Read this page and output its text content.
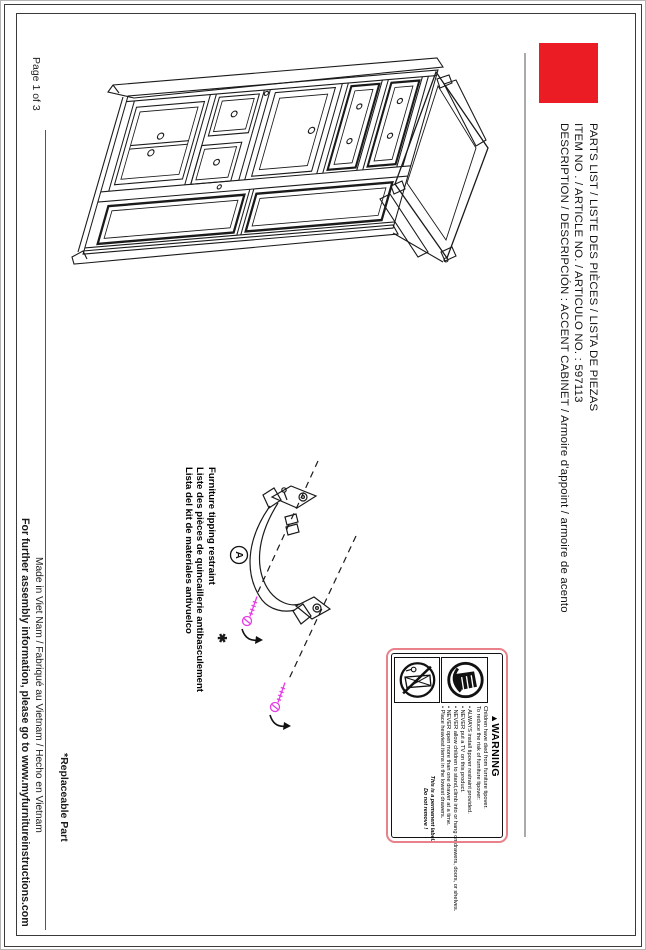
A
Page 1 of 3
PARTS LIST / LISTE DES PIÈCES / LISTA DE PIEZAS
ITEM NO . / ARTICLE NO. / ARTICULO NO. : 597113
DESCRIPTION / DESCRIPCIÓN : ACCENT CABINET / Armoire d'appoint / armoire de acento
Furniture tipping restraint
Liste des pièces de quincaillerie antibasculement
Lista del kit de materiales antivuelco
✱
▲WARNING

Children have died from furniture tipover.

To reduce the risk of furniture tipover:

• ALWAYS install tipover restraint provided.

• NEVER put a TV on this product.

• NEVER allow children to stand,climb into or hang on drawers, doors, or shelves.

• NEVER open more than one drawer at a time.

• Place heaviest items in the lowest drawers.

This is a permanent label.
Do not remove !
*Replaceable Part
Made in Viet Nam / Fabriqué au Vietnam / Hecho en Vietnam
For further assembly information, please go to www.myfurnitureinstructions.com
